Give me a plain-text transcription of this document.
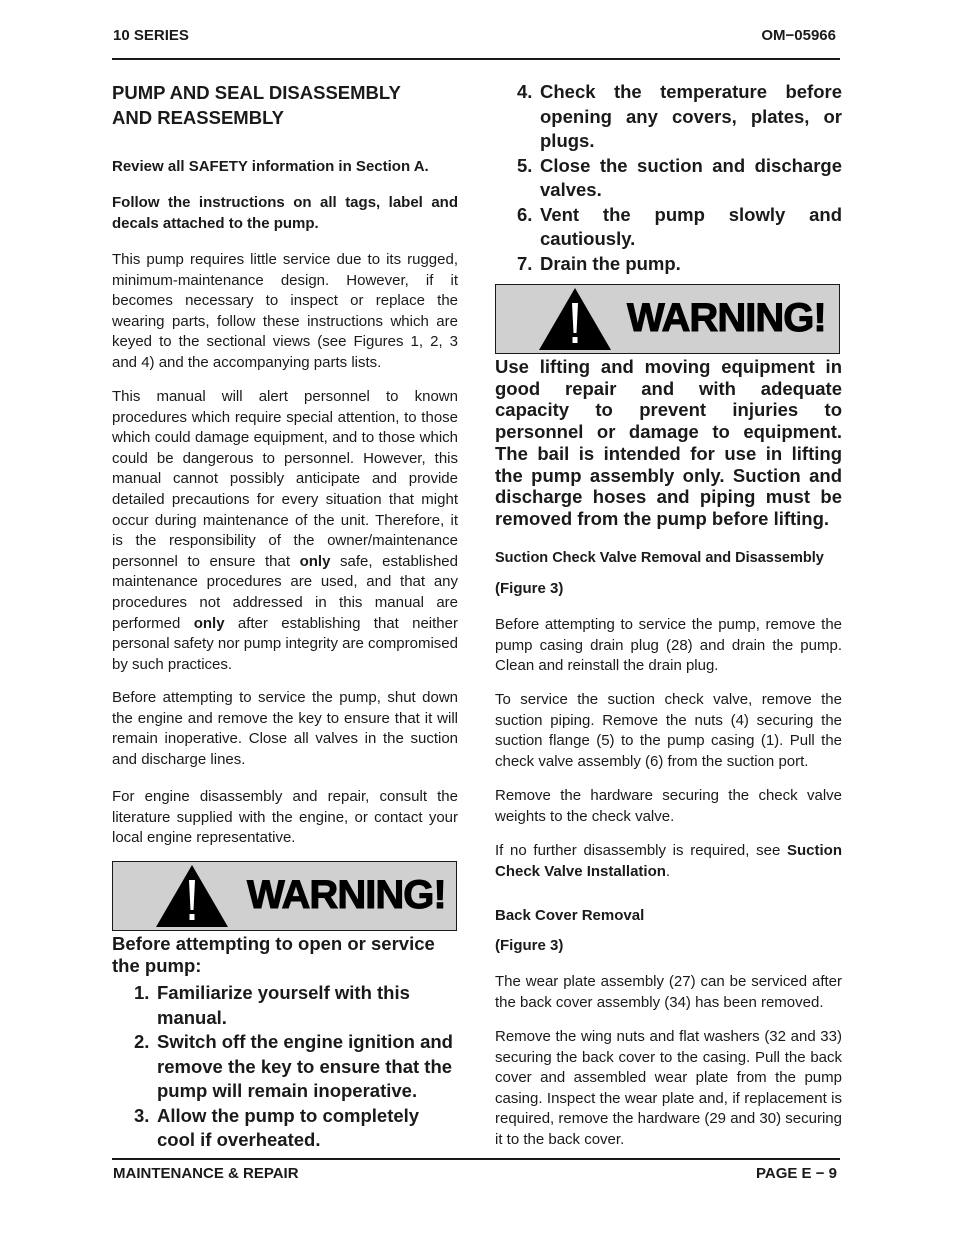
10 SERIES	OM−05966
PUMP AND SEAL DISASSEMBLY
AND REASSEMBLY
Review all SAFETY information in Section A.
Follow the instructions on all tags, label and decals attached to the pump.
This pump requires little service due to its rugged, minimum-maintenance design. However, if it becomes necessary to inspect or replace the wearing parts, follow these instructions which are keyed to the sectional views (see Figures 1, 2, 3 and 4) and the accompanying parts lists.
This manual will alert personnel to known procedures which require special attention, to those which could damage equipment, and to those which could be dangerous to personnel. However, this manual cannot possibly anticipate and provide detailed precautions for every situation that might occur during maintenance of the unit. Therefore, it is the responsibility of the owner/maintenance personnel to ensure that only safe, established maintenance procedures are used, and that any procedures not addressed in this manual are performed only after establishing that neither personal safety nor pump integrity are compromised by such practices.
Before attempting to service the pump, shut down the engine and remove the key to ensure that it will remain inoperative. Close all valves in the suction and discharge lines.
For engine disassembly and repair, consult the literature supplied with the engine, or contact your local engine representative.
WARNING!
Before attempting to open or service the pump:
1. Familiarize yourself with this manual.
2. Switch off the engine ignition and remove the key to ensure that the pump will remain inoperative.
3. Allow the pump to completely cool if overheated.
4. Check the temperature before opening any covers, plates, or plugs.
5. Close the suction and discharge valves.
6. Vent the pump slowly and cautiously.
7. Drain the pump.
WARNING!
Use lifting and moving equipment in good repair and with adequate capacity to prevent injuries to personnel or damage to equipment. The bail is intended for use in lifting the pump assembly only. Suction and discharge hoses and piping must be removed from the pump before lifting.
Suction Check Valve Removal and Disassembly
(Figure 3)
Before attempting to service the pump, remove the pump casing drain plug (28) and drain the pump. Clean and reinstall the drain plug.
To service the suction check valve, remove the suction piping. Remove the nuts (4) securing the suction flange (5) to the pump casing (1). Pull the check valve assembly (6) from the suction port.
Remove the hardware securing the check valve weights to the check valve.
If no further disassembly is required, see Suction Check Valve Installation.
Back Cover Removal
(Figure 3)
The wear plate assembly (27) can be serviced after the back cover assembly (34) has been removed.
Remove the wing nuts and flat washers (32 and 33) securing the back cover to the casing. Pull the back cover and assembled wear plate from the pump casing. Inspect the wear plate and, if replacement is required, remove the hardware (29 and 30) securing it to the back cover.
MAINTENANCE & REPAIR	PAGE E − 9
